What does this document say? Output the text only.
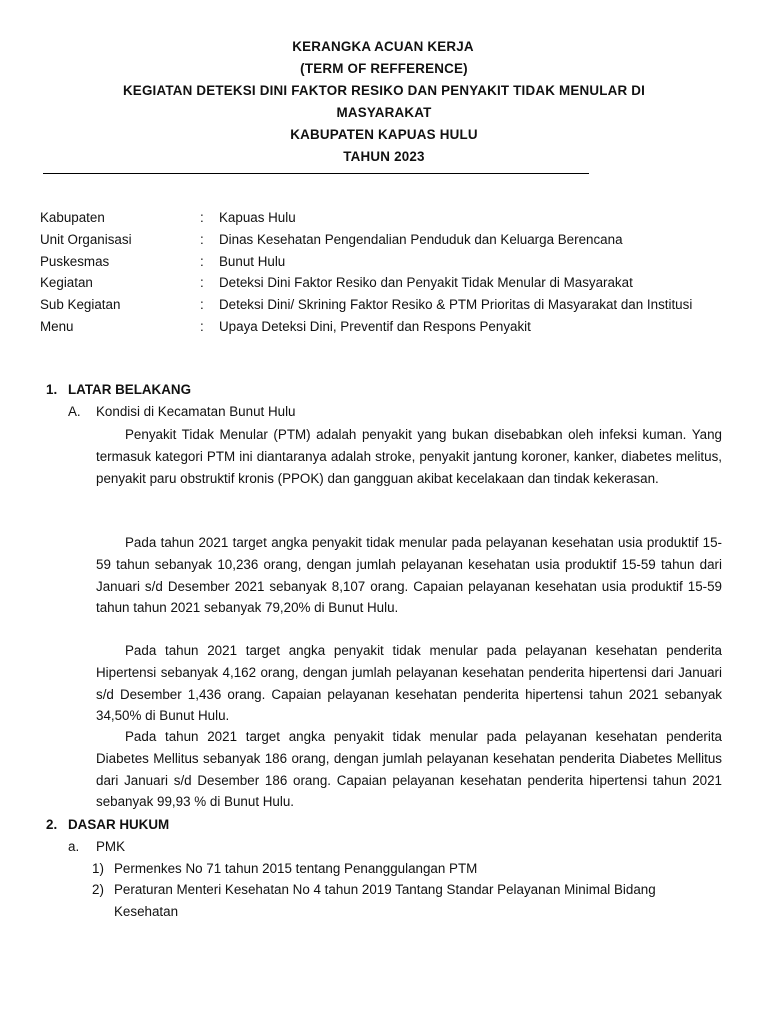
KERANGKA ACUAN KERJA
(TERM OF REFFERENCE)
KEGIATAN DETEKSI DINI FAKTOR RESIKO DAN PENYAKIT TIDAK MENULAR DI
MASYARAKAT
KABUPATEN KAPUAS HULU
TAHUN 2023
Kabupaten	:	Kapuas Hulu
Unit Organisasi	:	Dinas Kesehatan Pengendalian Penduduk dan Keluarga Berencana
Puskesmas	:	Bunut Hulu
Kegiatan	:	Deteksi Dini Faktor Resiko dan Penyakit Tidak Menular di Masyarakat
Sub Kegiatan	:	Deteksi Dini/ Skrining Faktor Resiko & PTM Prioritas di Masyarakat dan Institusi
Menu	:	Upaya Deteksi Dini, Preventif dan Respons Penyakit
1. LATAR BELAKANG
A. Kondisi di Kecamatan Bunut Hulu

Penyakit Tidak Menular (PTM) adalah penyakit yang bukan disebabkan oleh infeksi kuman. Yang termasuk kategori PTM ini diantaranya adalah stroke, penyakit jantung koroner, kanker, diabetes melitus, penyakit paru obstruktif kronis (PPOK) dan gangguan akibat kecelakaan dan tindak kekerasan.

Pada tahun 2021 target angka penyakit tidak menular pada pelayanan kesehatan usia produktif 15-59 tahun sebanyak 10,236 orang, dengan jumlah pelayanan kesehatan usia produktif 15-59 tahun dari Januari s/d Desember 2021 sebanyak 8,107 orang. Capaian pelayanan kesehatan usia produktif 15-59 tahun tahun 2021 sebanyak 79,20% di Bunut Hulu.

Pada tahun 2021 target angka penyakit tidak menular pada pelayanan kesehatan penderita Hipertensi sebanyak 4,162 orang, dengan jumlah pelayanan kesehatan penderita hipertensi dari Januari s/d Desember 1,436 orang. Capaian pelayanan kesehatan penderita hipertensi tahun 2021 sebanyak 34,50% di Bunut Hulu.

Pada tahun 2021 target angka penyakit tidak menular pada pelayanan kesehatan penderita Diabetes Mellitus sebanyak 186 orang, dengan jumlah pelayanan kesehatan penderita Diabetes Mellitus dari Januari s/d Desember 186 orang. Capaian pelayanan kesehatan penderita hipertensi tahun 2021 sebanyak 99,93 % di Bunut Hulu.

2. DASAR HUKUM
a. PMK
1) Permenkes No 71 tahun 2015 tentang Penanggulangan PTM
2) Peraturan Menteri Kesehatan No 4 tahun 2019 Tantang Standar Pelayanan Minimal Bidang Kesehatan
